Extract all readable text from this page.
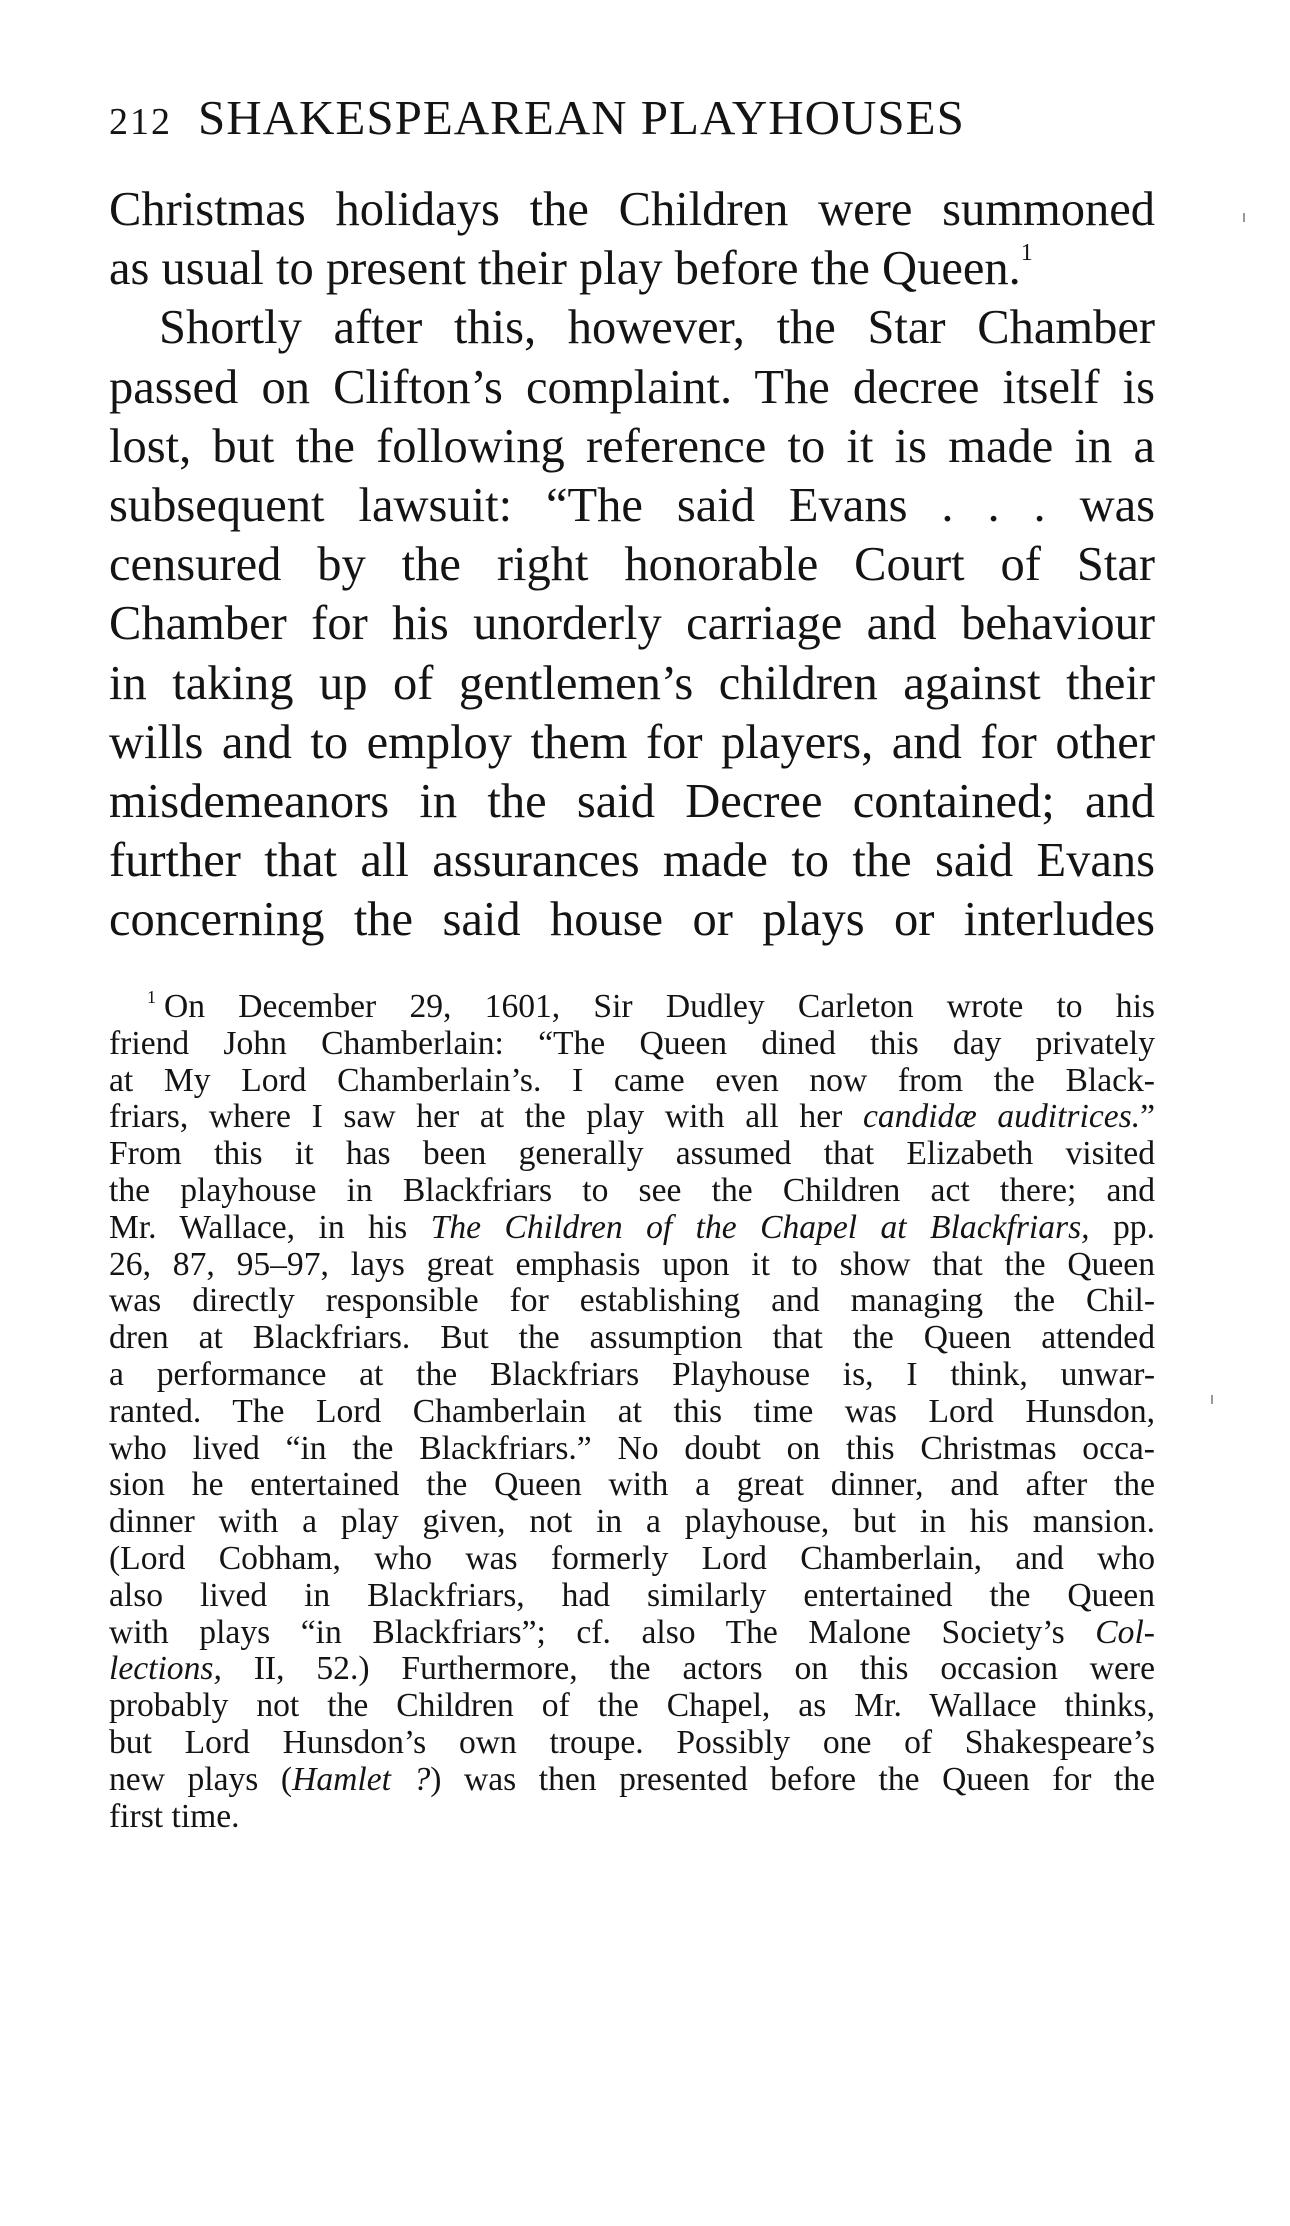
212 SHAKESPEAREAN PLAYHOUSES
Christmas holidays the Children were summoned
as usual to present their play before the Queen.$^1$
Shortly after this, however, the Star Chamber
passed on Clifton’s complaint. The decree itself is
lost, but the following reference to it is made in a
subsequent lawsuit: “The said Evans . . . was
censured by the right honorable Court of Star
Chamber for his unorderly carriage and behaviour
in taking up of gentlemen’s children against their
wills and to employ them for players, and for other
misdemeanors in the said Decree contained; and
further that all assurances made to the said Evans
concerning the said house or plays or interludes
$^1$ On December 29, 1601, Sir Dudley Carleton wrote to his
friend John Chamberlain: “The Queen dined this day privately
at My Lord Chamberlain’s. I came even now from the Black-
friars, where I saw her at the play with all her candidæ auditrices.”
From this it has been generally assumed that Elizabeth visited
the playhouse in Blackfriars to see the Children act there; and
Mr. Wallace, in his The Children of the Chapel at Blackfriars, pp.
26, 87, 95–97, lays great emphasis upon it to show that the Queen
was directly responsible for establishing and managing the Chil-
dren at Blackfriars. But the assumption that the Queen attended
a performance at the Blackfriars Playhouse is, I think, unwar-
ranted. The Lord Chamberlain at this time was Lord Hunsdon,
who lived “in the Blackfriars.” No doubt on this Christmas occa-
sion he entertained the Queen with a great dinner, and after the
dinner with a play given, not in a playhouse, but in his mansion.
(Lord Cobham, who was formerly Lord Chamberlain, and who
also lived in Blackfriars, had similarly entertained the Queen
with plays “in Blackfriars”; cf. also The Malone Society’s Col-
lections, II, 52.) Furthermore, the actors on this occasion were
probably not the Children of the Chapel, as Mr. Wallace thinks,
but Lord Hunsdon’s own troupe. Possibly one of Shakespeare’s
new plays (Hamlet ?) was then presented before the Queen for the
first time.
